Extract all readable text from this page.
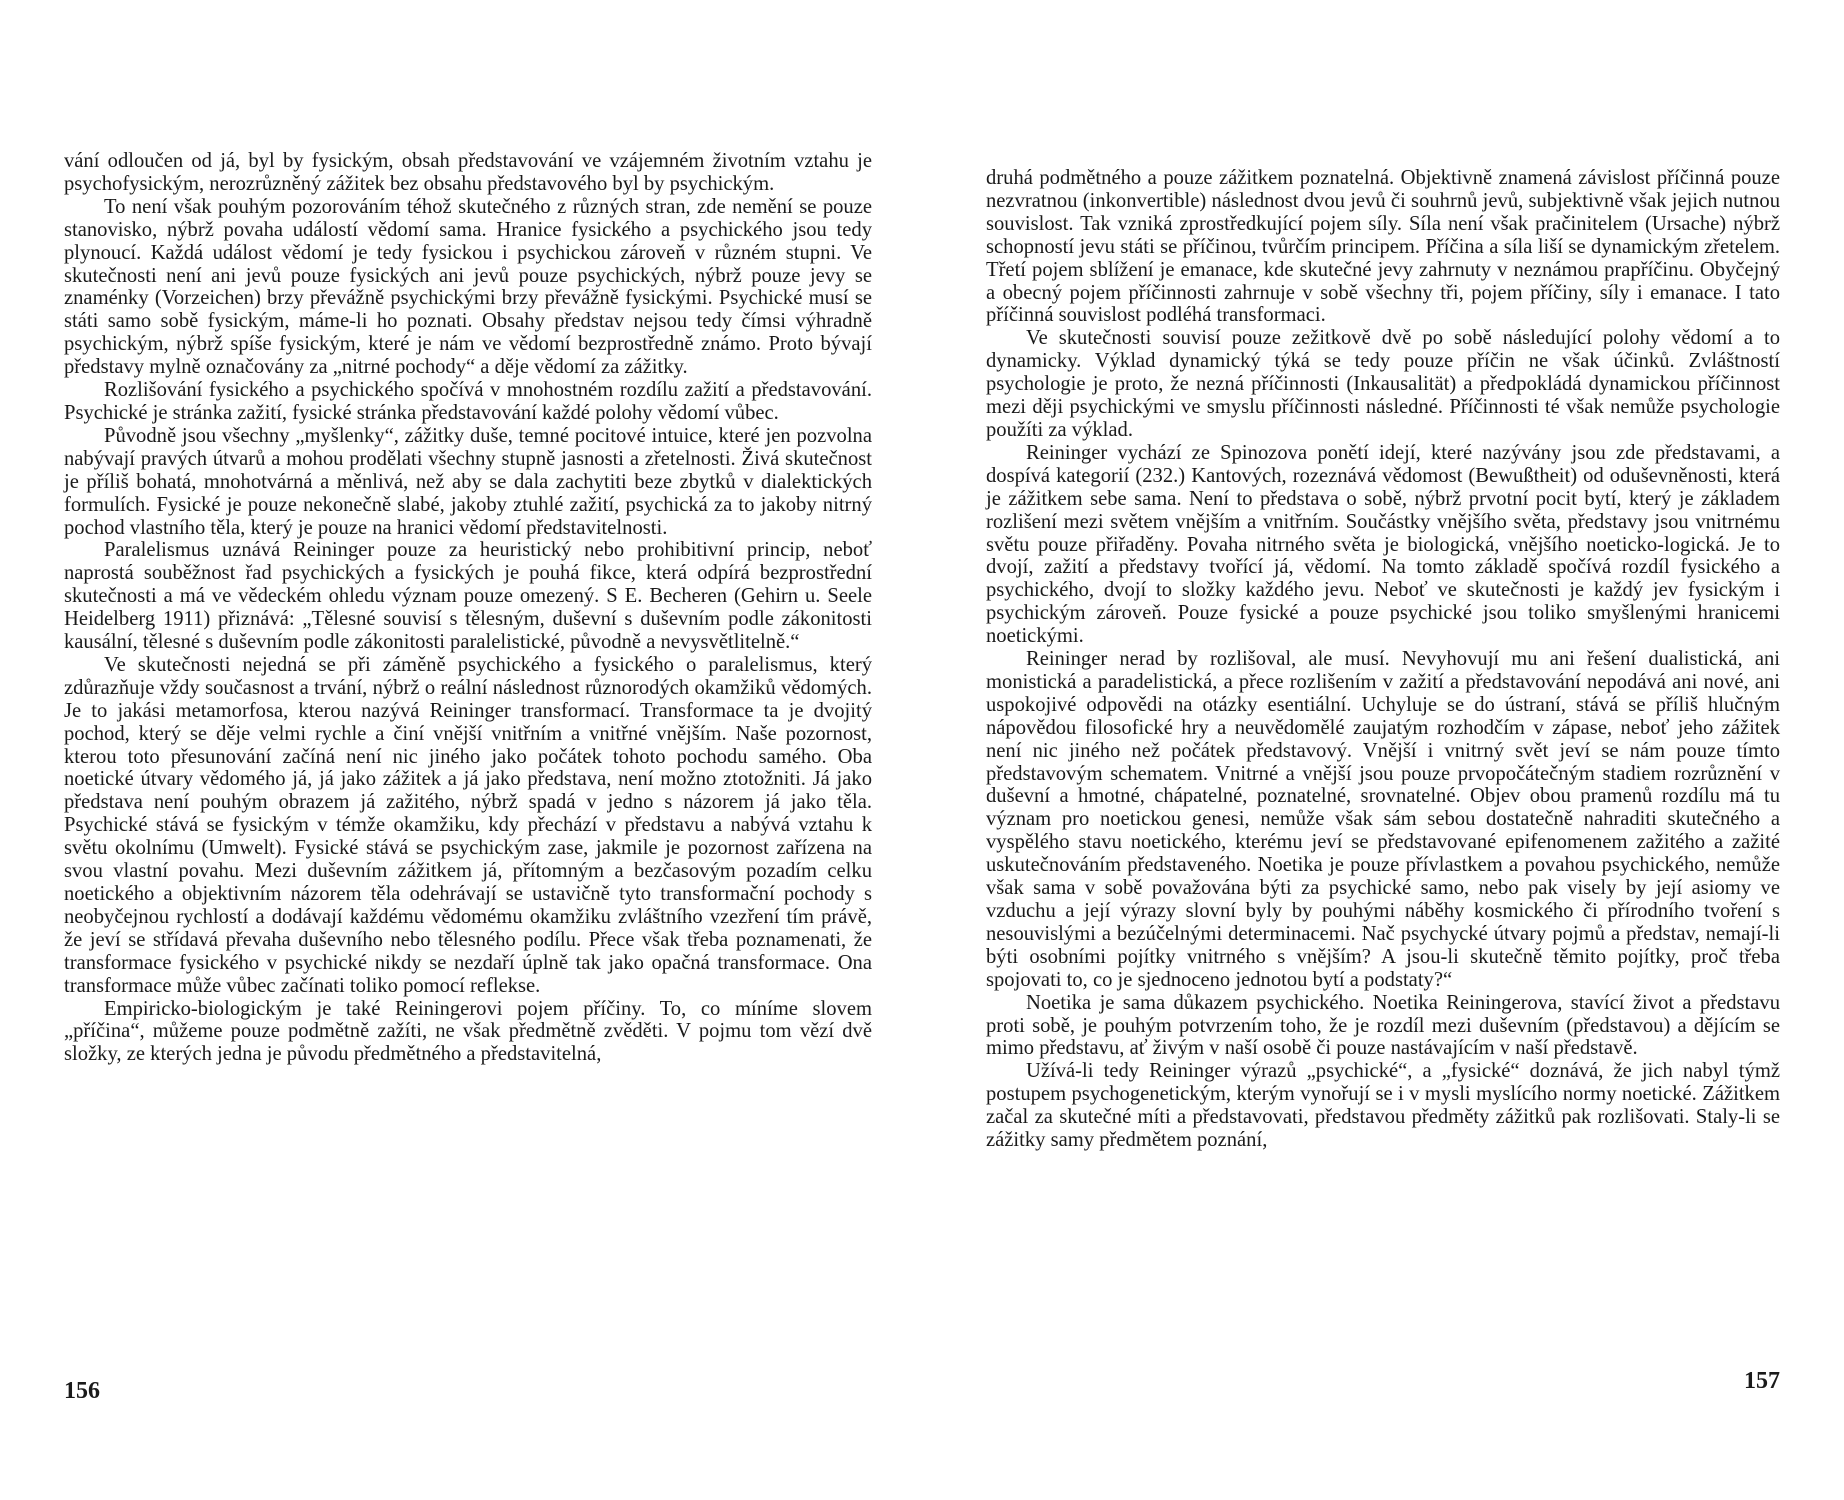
vání odloučen od já, byl by fysickým, obsah představování ve vzájemném životním vztahu je psychofysickým, nerozrůzněný zážitek bez obsahu představového byl by psychickým.

To není však pouhým pozorováním téhož skutečného z různých stran, zde nemění se pouze stanovisko, nýbrž povaha událostí vědomí sama. Hranice fysického a psychického jsou tedy plynoucí. Každá událost vědomí je tedy fysickou i psychickou zároveň v různém stupni. Ve skutečnosti není ani jevů pouze fysických ani jevů pouze psychických, nýbrž pouze jevy se znaménky (Vorzeichen) brzy převážně psychickými brzy převážně fysickými. Psychické musí se státi samo sobě fysickým, máme-li ho poznati. Obsahy představ nejsou tedy čímsi výhradně psychickým, nýbrž spíše fysickým, které je nám ve vědomí bezprostředně známo. Proto bývají představy mylně označovány za „nitrné pochody“ a děje vědomí za zážitky.

Rozlišování fysického a psychického spočívá v mnohostném rozdílu zažití a představování. Psychické je stránka zažití, fysické stránka představování každé polohy vědomí vůbec.

Původně jsou všechny „myšlenky“, zážitky duše, temné pocitové intuice, které jen pozvolna nabývají pravých útvarů a mohou prodělati všechny stupně jasnosti a zřetelnosti. Živá skutečnost je příliš bohatá, mnohotvárná a měnlivá, než aby se dala zachytiti beze zbytků v dialektických formulích. Fysické je pouze nekonečně slabé, jakoby ztuhlé zažití, psychická za to jakoby nitrný pochod vlastního těla, který je pouze na hranici vědomí představitelnosti.

Paralelismus uznává Reininger pouze za heuristický nebo prohibitivní princip, neboť naprostá souběžnost řad psychických a fysických je pouhá fikce, která odpírá bezprostřední skutečnosti a má ve vědeckém ohledu význam pouze omezený. S E. Becheren (Gehirn u. Seele Heidelberg 1911) přiznává: „Tělesné souvisí s tělesným, duševní s duševním podle zákonitosti kausální, tělesné s duševním podle zákonitosti paralelistické, původně a nevysvětlitelně.“

Ve skutečnosti nejedná se při záměně psychického a fysického o paralelismus, který zdůrazňuje vždy současnost a trvání, nýbrž o reální následnost různorodých okamžiků vědomých. Je to jakási metamorfosa, kterou nazývá Reininger transformací. Transformace ta je dvojitý pochod, který se děje velmi rychle a činí vnější vnitřním a vnitřné vnějším. Naše pozornost, kterou toto přesunování začíná není nic jiného jako počátek tohoto pochodu samého. Oba noetické útvary vědomého já, já jako zážitek a já jako představa, není možno ztotožniti. Já jako představa není pouhým obrazem já zažitého, nýbrž spadá v jedno s názorem já jako těla. Psychické stává se fysickým v témže okamžiku, kdy přechází v představu a nabývá vztahu k světu okolnímu (Umwelt). Fysické stává se psychickým zase, jakmile je pozornost zařízena na svou vlastní povahu. Mezi duševním zážitkem já, přítomným a bezčasovým pozadím celku noetického a objektivním názorem těla odehrávají se ustavičně tyto transformační pochody s neobyčejnou rychlostí a dodávají každému vědomému okamžiku zvláštního vzezření tím právě, že jeví se střídavá převaha duševního nebo tělesného podílu. Přece však třeba poznamenati, že transformace fysického v psychické nikdy se nezdaří úplně tak jako opačná transformace. Ona transformace může vůbec začínati toliko pomocí reflekse.

Empiricko-biologickým je také Reiningerovi pojem příčiny. To, co míníme slovem „příčina“, můžeme pouze podmětně zažíti, ne však předmětně zvěděti. V pojmu tom vězí dvě složky, ze kterých jedna je původu předmětného a představitelná,

156

druhá podmětného a pouze zážitkem poznatelná. Objektivně znamená závislost příčinná pouze nezvratnou (inkonvertible) následnost dvou jevů či souhrnů jevů, subjektivně však jejich nutnou souvislost. Tak vzniká zprostředkující pojem síly. Síla není však pračinitelem (Ursache) nýbrž schopností jevu státi se příčinou, tvůrčím principem. Příčina a síla liší se dynamickým zřetelem. Třetí pojem sblížení je emanace, kde skutečné jevy zahrnuty v neznámou prapříčinu. Obyčejný a obecný pojem příčinnosti zahrnuje v sobě všechny tři, pojem příčiny, síly i emanace. I tato příčinná souvislost podléhá transformaci.

Ve skutečnosti souvisí pouze zežitkově dvě po sobě následující polohy vědomí a to dynamicky. Výklad dynamický týká se tedy pouze příčin ne však účinků. Zvláštností psychologie je proto, že nezná příčinnosti (Inkausalität) a předpokládá dynamickou příčinnost mezi ději psychickými ve smyslu příčinnosti následné. Příčinnosti té však nemůže psychologie použíti za výklad.

Reininger vychází ze Spinozova ponětí idejí, které nazývány jsou zde představami, a dospívá kategorií (232.) Kantových, rozeznává vědomost (Bewußtheit) od oduševněnosti, která je zážitkem sebe sama. Není to představa o sobě, nýbrž prvotní pocit bytí, který je základem rozlišení mezi světem vnějším a vnitřním. Součástky vnějšího světa, představy jsou vnitrnému světu pouze přiřaděny. Povaha nitrného světa je biologická, vnějšího noeticko-logická. Je to dvojí, zažití a představy tvořící já, vědomí. Na tomto základě spočívá rozdíl fysického a psychického, dvojí to složky každého jevu. Neboť ve skutečnosti je každý jev fysickým i psychickým zároveň. Pouze fysické a pouze psychické jsou toliko smyšlenými hranicemi noetickými.

Reininger nerad by rozlišoval, ale musí. Nevyhovují mu ani řešení dualistická, ani monistická a paradelistická, a přece rozlišením v zažití a představování nepodává ani nové, ani uspokojivé odpovědi na otázky esentiální. Uchyluje se do ústraní, stává se příliš hlučným nápovědou filosofické hry a neuvědomělé zaujatým rozhodčím v zápase, neboť jeho zážitek není nic jiného než počátek představový. Vnější i vnitrný svět jeví se nám pouze tímto představovým schematem. Vnitrné a vnější jsou pouze prvopočátečným stadiem rozrůznění v duševní a hmotné, chápatelné, poznatelné, srovnatelné. Objev obou pramenů rozdílu má tu význam pro noetickou genesi, nemůže však sám sebou dostatečně nahraditi skutečného a vyspělého stavu noetického, kterému jeví se představované epifenomenem zažitého a zažité uskutečnováním představeného. Noetika je pouze přívlastkem a povahou psychického, nemůže však sama v sobě považována býti za psychické samo, nebo pak visely by její asiomy ve vzduchu a její výrazy slovní byly by pouhými náběhy kosmického či přírodního tvoření s nesouvislými a bezúčelnými determinacemi. Nač psychycké útvary pojmů a představ, nemají-li býti osobními pojítky vnitrného s vnějším? A jsou-li skutečně těmito pojítky, proč třeba spojovati to, co je sjednoceno jednotou bytí a podstaty?“

Noetika je sama důkazem psychického. Noetika Reiningerova, stavící život a představu proti sobě, je pouhým potvrzením toho, že je rozdíl mezi duševním (představou) a dějícím se mimo představu, ať živým v naší osobě či pouze nastávajícím v naší představě.

Užívá-li tedy Reininger výrazů „psychické“, a „fysické“ doznává, že jich nabyl týmž postupem psychogenetickým, kterým vynořují se i v mysli myslícího normy noetické. Zážitkem začal za skutečné míti a představovati, představou předměty zážitků pak rozlišovati. Staly-li se zážitky samy předmětem poznání,

157
